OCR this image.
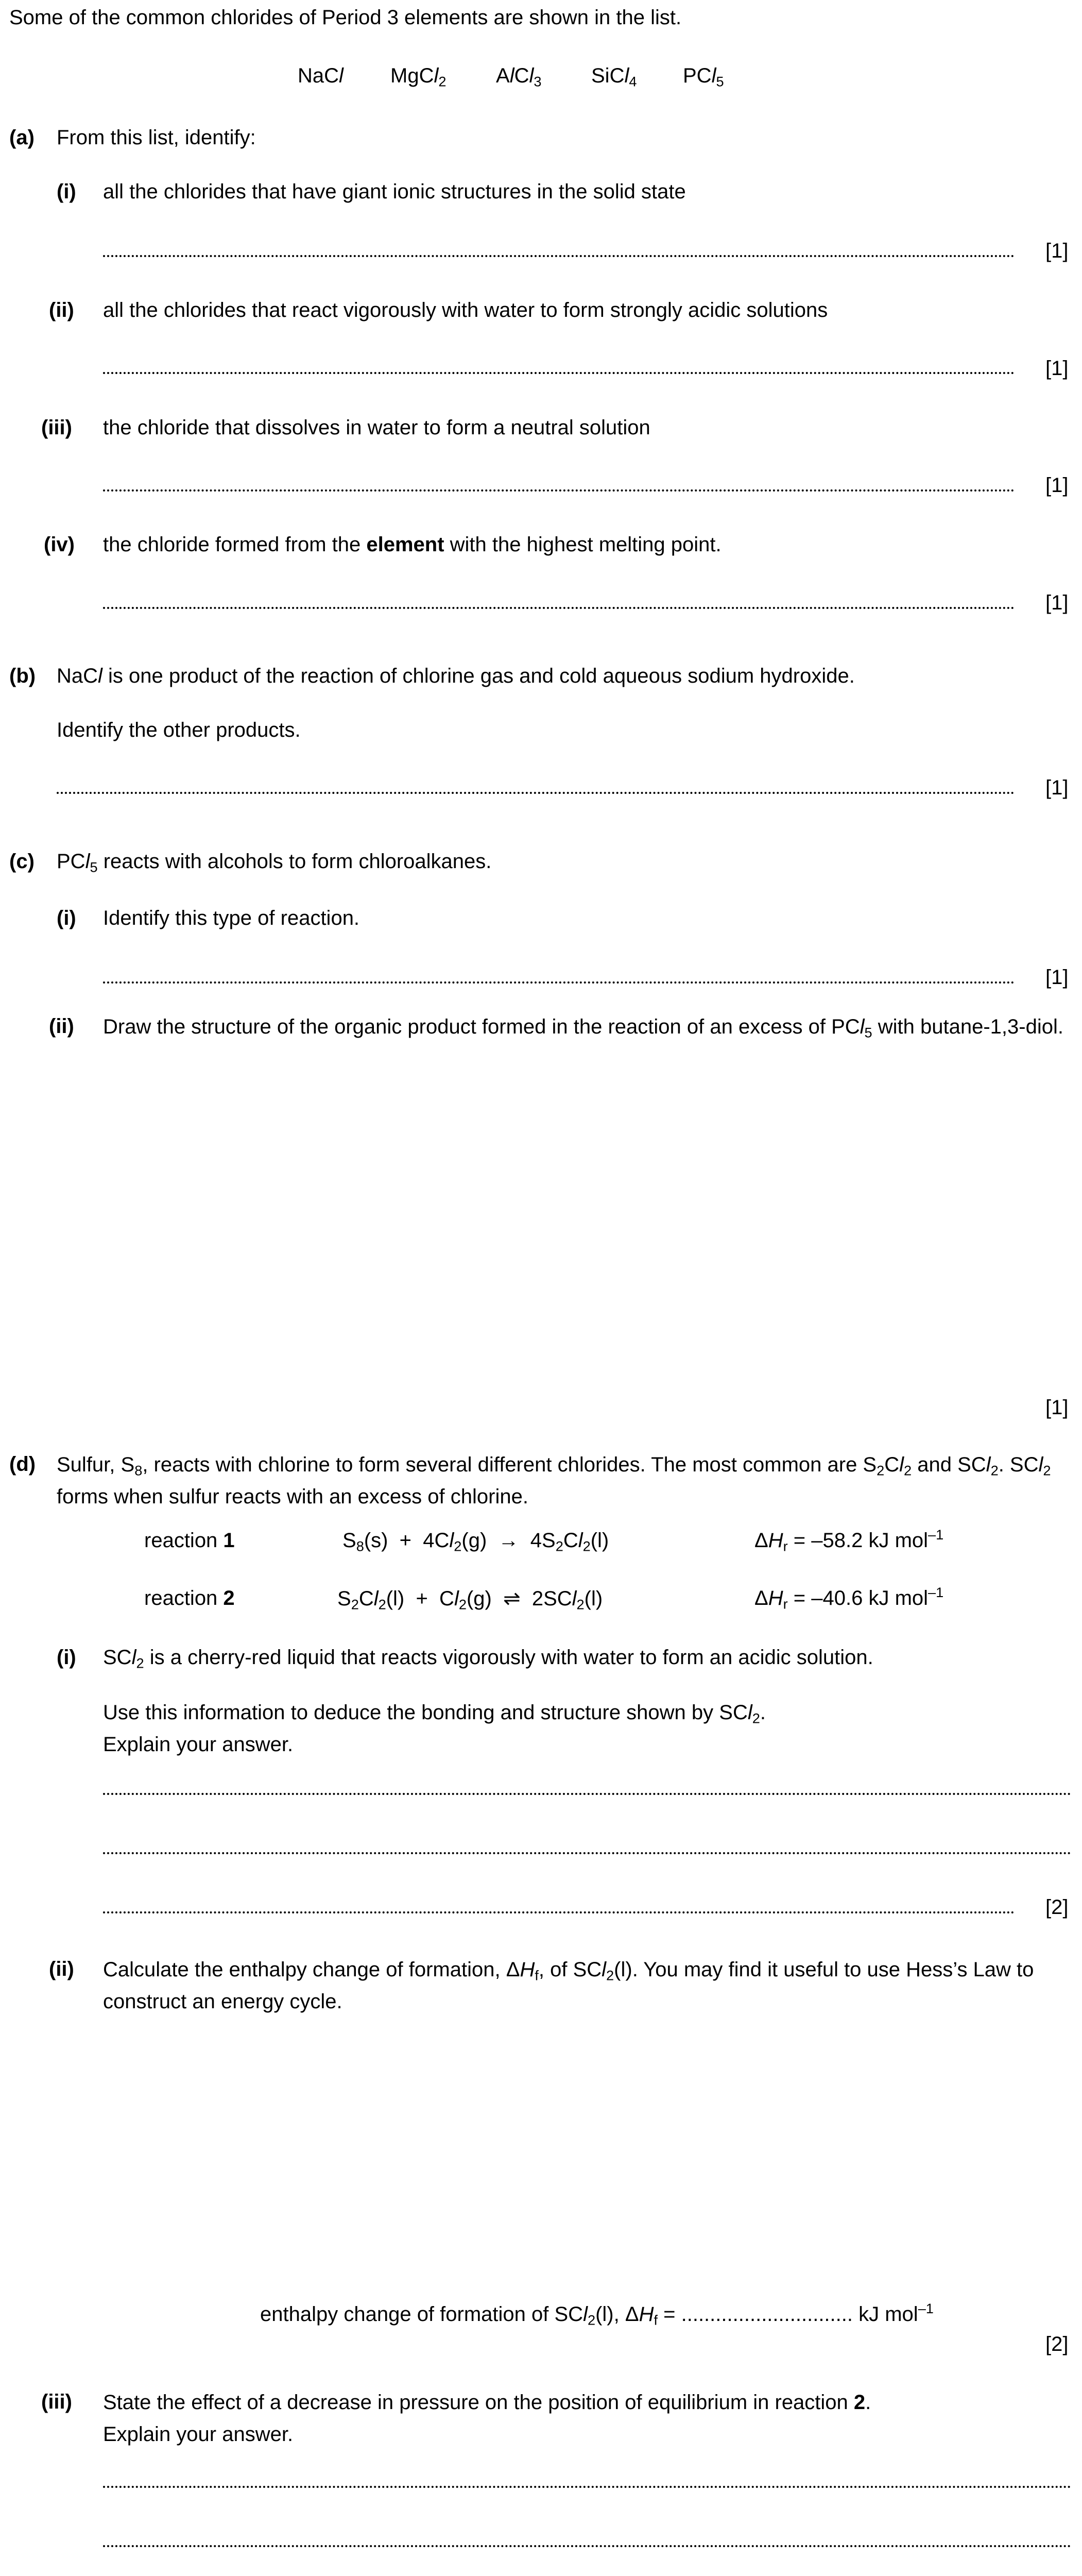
Some of the common chlorides of Period 3 elements are shown in the list.
NaCl MgCl$_2$ AlCl$_3$ SiCl$_4$ PCl$_5$
(a) From this list, identify:
(i) all the chlorides that have giant ionic structures in the solid state
[1]
(ii) all the chlorides that react vigorously with water to form strongly acidic solutions
[1]
(iii) the chloride that dissolves in water to form a neutral solution
[1]
(iv) the chloride formed from the element with the highest melting point.
[1]
(b) NaCl is one product of the reaction of chlorine gas and cold aqueous sodium hydroxide.
Identify the other products.
[1]
(c) PCl$_5$ reacts with alcohols to form chloroalkanes.
(i) Identify this type of reaction.
[1]
(ii) Draw the structure of the organic product formed in the reaction of an excess of PCl$_5$ with butane-1,3-diol.
[1]
(d) Sulfur, $S_8$, reacts with chlorine to form several different chlorides. The most common are $S_2Cl_2$ and SCl$_2$. SCl$_2$ forms when sulfur reacts with an excess of chlorine.
reaction 1	$S_8(s) + 4Cl_2(g) \to 4S_2Cl_2(l)$	$\Delta H_r = -58.2$ kJ mol$^{-1}$
reaction 2	$S_2Cl_2(l) + Cl_2(g)$  ⇌  2SCl$_2$(l)	$\Delta H_r = -40.6$ kJ mol$^{-1}$
(i) SCl$_2$ is a cherry-red liquid that reacts vigorously with water to form an acidic solution.
Use this information to deduce the bonding and structure shown by SCl$_2$.
Explain your answer.
[2]
(ii) Calculate the enthalpy change of formation, $\Delta H_f$, of SCl$_2$(l). You may find it useful to use Hess’s Law to construct an energy cycle.
enthalpy change of formation of SCl$_2$(l), $\Delta H_f$ = .............................. kJ mol$^{-1}$
[2]
(iii) State the effect of a decrease in pressure on the position of equilibrium in reaction 2.
Explain your answer.
